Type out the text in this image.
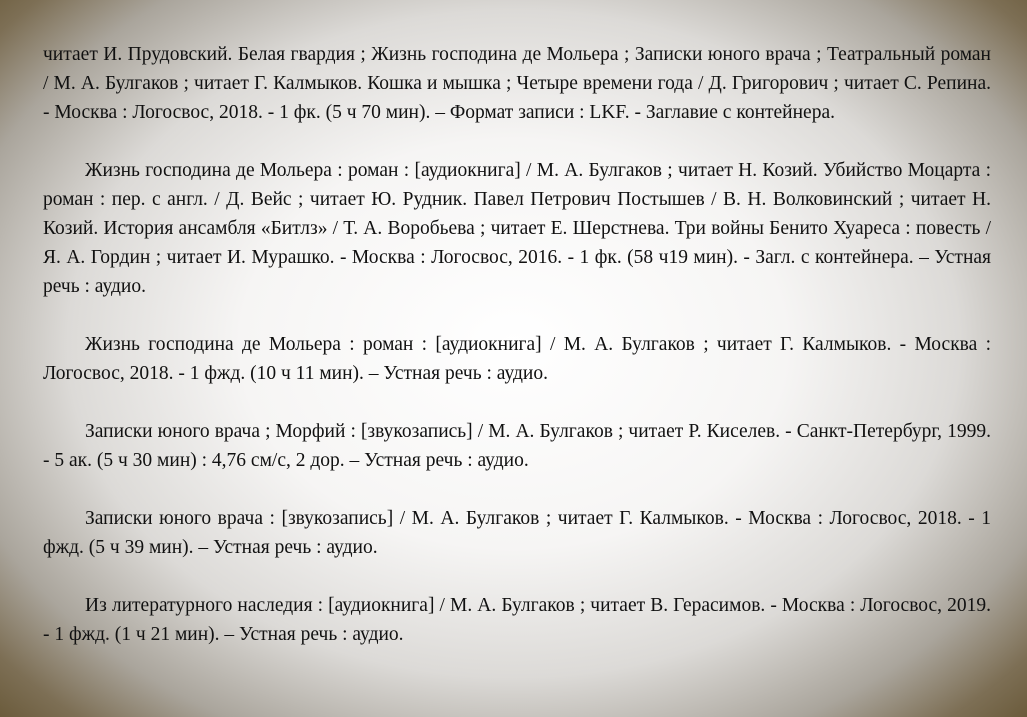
читает И. Прудовский. Белая гвардия ; Жизнь господина де Мольера ; Записки юного врача ; Театральный роман / М. А. Булгаков ; читает Г. Калмыков. Кошка и мышка ; Четыре времени года / Д. Григорович ; читает С. Репина. - Москва : Логосвос, 2018. - 1 фк. (5 ч 70 мин). – Формат записи : LKF. - Заглавие с контейнера.

Жизнь господина де Мольера : роман : [аудиокнига] / М. А. Булгаков ; читает Н. Козий. Убийство Моцарта : роман : пер. с англ. / Д. Вейс ; читает Ю. Рудник. Павел Петрович Постышев / В. Н. Волковинский ; читает Н. Козий. История ансамбля «Битлз» / Т. А. Воробьева ; читает Е. Шерстнева. Три войны Бенито Хуареса : повесть / Я. А. Гордин ; читает И. Мурашко. - Москва : Логосвос, 2016. - 1 фк. (58 ч19 мин). - Загл. с контейнера. – Устная речь : аудио.

Жизнь господина де Мольера : роман : [аудиокнига] / М. А. Булгаков ; читает Г. Калмыков. - Москва : Логосвос, 2018. - 1 фжд. (10 ч 11 мин). – Устная речь : аудио.

Записки юного врача ; Морфий : [звукозапись] / М. А. Булгаков ; читает Р. Киселев. - Санкт-Петербург, 1999. - 5 ак. (5 ч 30 мин) : 4,76 см/с, 2 дор. – Устная речь : аудио.

Записки юного врача : [звукозапись] / М. А. Булгаков ; читает Г. Калмыков. - Москва : Логосвос, 2018. - 1 фжд. (5 ч 39 мин). – Устная речь : аудио.

Из литературного наследия : [аудиокнига] / М. А. Булгаков ; читает В. Герасимов. - Москва : Логосвос, 2019. - 1 фжд. (1 ч 21 мин). – Устная речь : аудио.
